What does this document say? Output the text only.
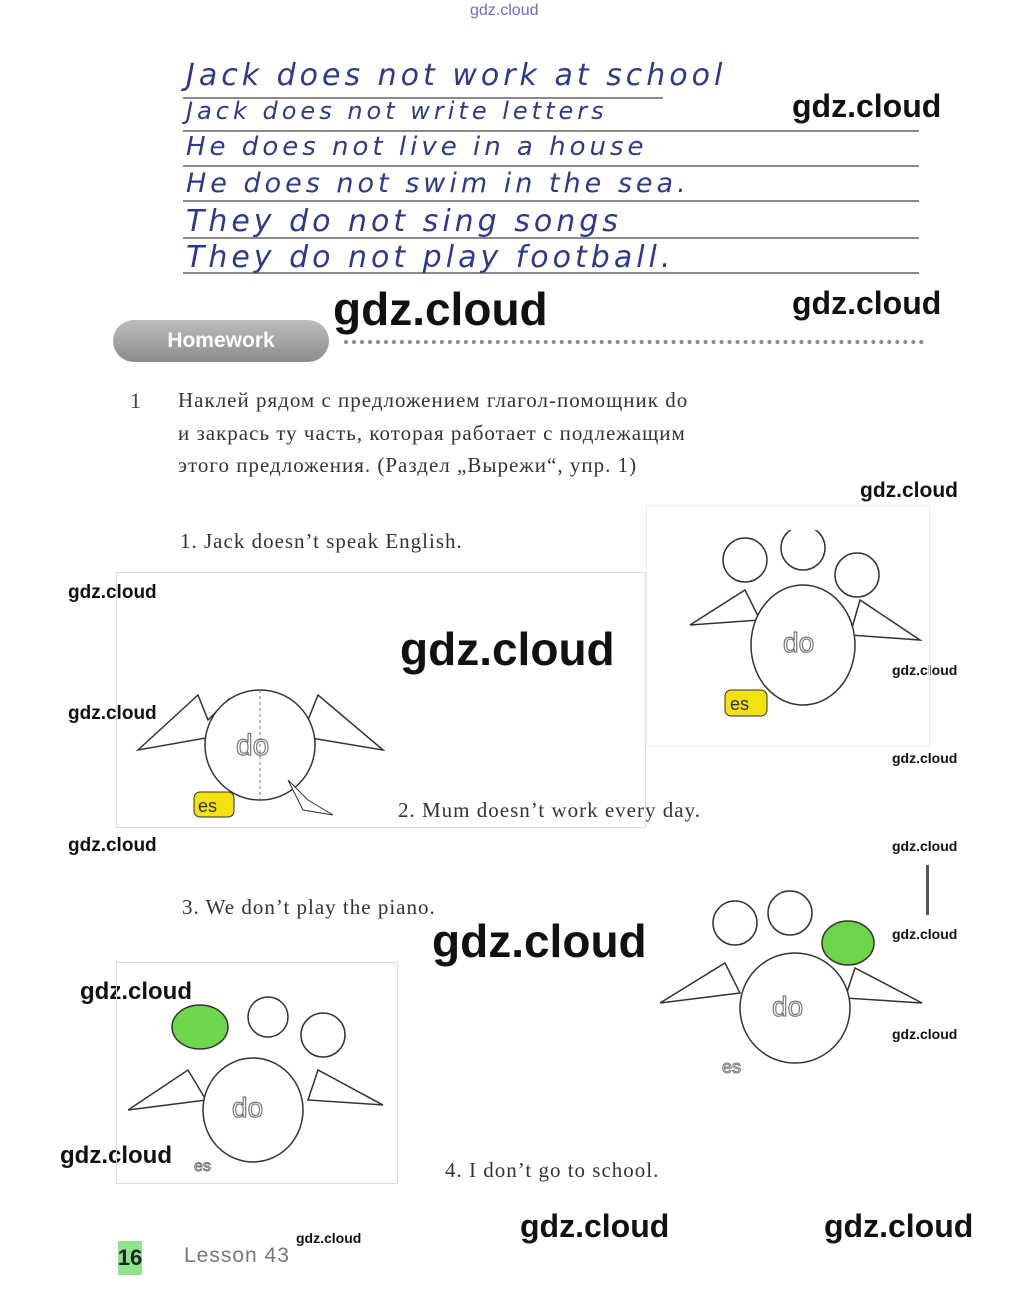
gdz.cloud
Jack does not work at school
Jack does not write letters
He does not live in a house
He does not swim in the sea.
They do not sing songs
They do not play football.
gdz.cloud
gdz.cloud	gdz.cloud
gdz.cloud
gdz.cloud
gdz.cloud	gdz.cloud
gdz.cloud
gdz.cloud
gdz.cloud	gdz.cloud
gdz.cloud	gdz.cloud
gdz.cloud
gdz.cloud
gdz.cloud
gdz.cloud	gdz.cloud
gdz.cloud
Homework
1 Наклей рядом с предложением глагол-помощник do
и закрась ту часть, которая работает с подлежащим
этого предложения. (Раздел „Вырежи“, упр. 1)
1. Jack doesn’t speak English.
2. Mum doesn’t work every day.
3. We don’t play the piano.
4. I don’t go to school.
do
es
do
es
do
es
do
es
16 Lesson 43
